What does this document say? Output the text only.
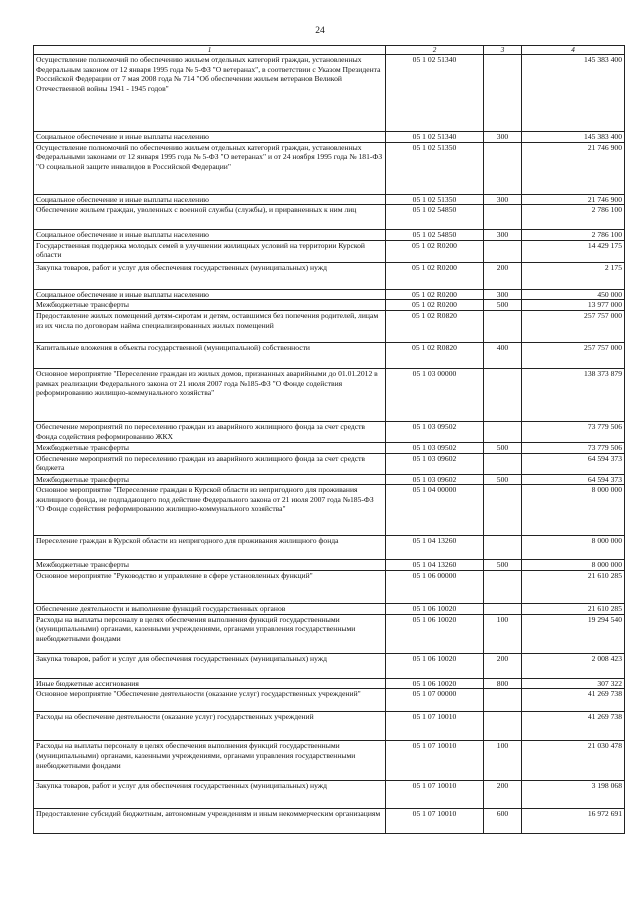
24
1	2	3	4
Осуществление полномочий по обеспечению жильем отдельных категорий граждан, установленных Федеральным законом от 12 января 1995 года № 5-ФЗ "О ветеранах", в соответствии с Указом Президента Российской Федерации от 7 мая 2008 года № 714 "Об обеспечении жильем ветеранов Великой Отечественной войны 1941 - 1945 годов"	05 1 02 51340		145 383 400
Социальное обеспечение и иные выплаты населению	05 1 02 51340	300	145 383 400
Осуществление полномочий по обеспечению жильем отдельных категорий граждан, установленных Федеральными законами от 12 января 1995 года № 5-ФЗ "О ветеранах" и от 24 ноября 1995 года № 181-ФЗ "О социальной защите инвалидов в Российской Федерации"	05 1 02 51350		21 746 900
Социальное обеспечение и иные выплаты населению	05 1 02 51350	300	21 746 900
Обеспечение жильем граждан, уволенных с военной службы (службы), и приравненных к ним лиц	05 1 02 54850		2 786 100
Социальное обеспечение и иные выплаты населению	05 1 02 54850	300	2 786 100
Государственная поддержка молодых семей в улучшении жилищных условий на территории Курской области	05 1 02 R0200		14 429 175
Закупка товаров, работ и услуг для обеспечения государственных (муниципальных) нужд	05 1 02 R0200	200	2 175
Социальное обеспечение и иные выплаты населению	05 1 02 R0200	300	450 000
Межбюджетные трансферты	05 1 02 R0200	500	13 977 000
Предоставление жилых помещений детям-сиротам и детям, оставшимся без попечения родителей, лицам из их числа по договорам найма специализированных жилых помещений	05 1 02 R0820		257 757 000
Капитальные вложения в объекты государственной (муниципальной) собственности	05 1 02 R0820	400	257 757 000
Основное мероприятие "Переселение граждан из жилых домов, признанных аварийными до 01.01.2012 в рамках реализации Федерального закона от 21 июля 2007 года №185-ФЗ "О Фонде содействия реформированию жилищно-коммунального хозяйства"	05 1 03 00000		138 373 879
Обеспечение мероприятий по переселению граждан из аварийного жилищного фонда за счет средств Фонда содействия реформированию ЖКХ	05 1 03 09502		73 779 506
Межбюджетные трансферты	05 1 03 09502	500	73 779 506
Обеспечение мероприятий по переселению граждан из аварийного жилищного фонда за счет средств бюджета	05 1 03 09602		64 594 373
Межбюджетные трансферты	05 1 03 09602	500	64 594 373
Основное мероприятие "Переселение граждан в Курской области из непригодного для проживания жилищного фонда, не подпадающего под действие Федерального закона от 21 июля 2007 года №185-ФЗ "О Фонде содействия реформированию жилищно-коммунального хозяйства"	05 1 04 00000		8 000 000
Переселение граждан в Курской области из непригодного для проживания жилищного фонда	05 1 04 13260		8 000 000
Межбюджетные трансферты	05 1 04 13260	500	8 000 000
Основное мероприятие "Руководство и управление в сфере установленных функций"	05 1 06 00000		21 610 285
Обеспечение деятельности и выполнение функций государственных органов	05 1 06 10020		21 610 285
Расходы на выплаты персоналу в целях обеспечения выполнения функций государственными (муниципальными) органами, казенными учреждениями, органами управления государственными внебюджетными фондами	05 1 06 10020	100	19 294 540
Закупка товаров, работ и услуг для обеспечения государственных (муниципальных) нужд	05 1 06 10020	200	2 008 423
Иные бюджетные ассигнования	05 1 06 10020	800	307 322
Основное мероприятие "Обеспечение деятельности (оказание услуг) государственных учреждений"	05 1 07 00000		41 269 738
Расходы на обеспечение деятельности (оказание услуг) государственных учреждений	05 1 07 10010		41 269 738
Расходы на выплаты персоналу в целях обеспечения выполнения функций государственными (муниципальными) органами, казенными учреждениями, органами управления государственными внебюджетными фондами	05 1 07 10010	100	21 030 478
Закупка товаров, работ и услуг для обеспечения государственных (муниципальных) нужд	05 1 07 10010	200	3 198 068
Предоставление субсидий бюджетным, автономным учреждениям и иным некоммерческим организациям	05 1 07 10010	600	16 972 691
